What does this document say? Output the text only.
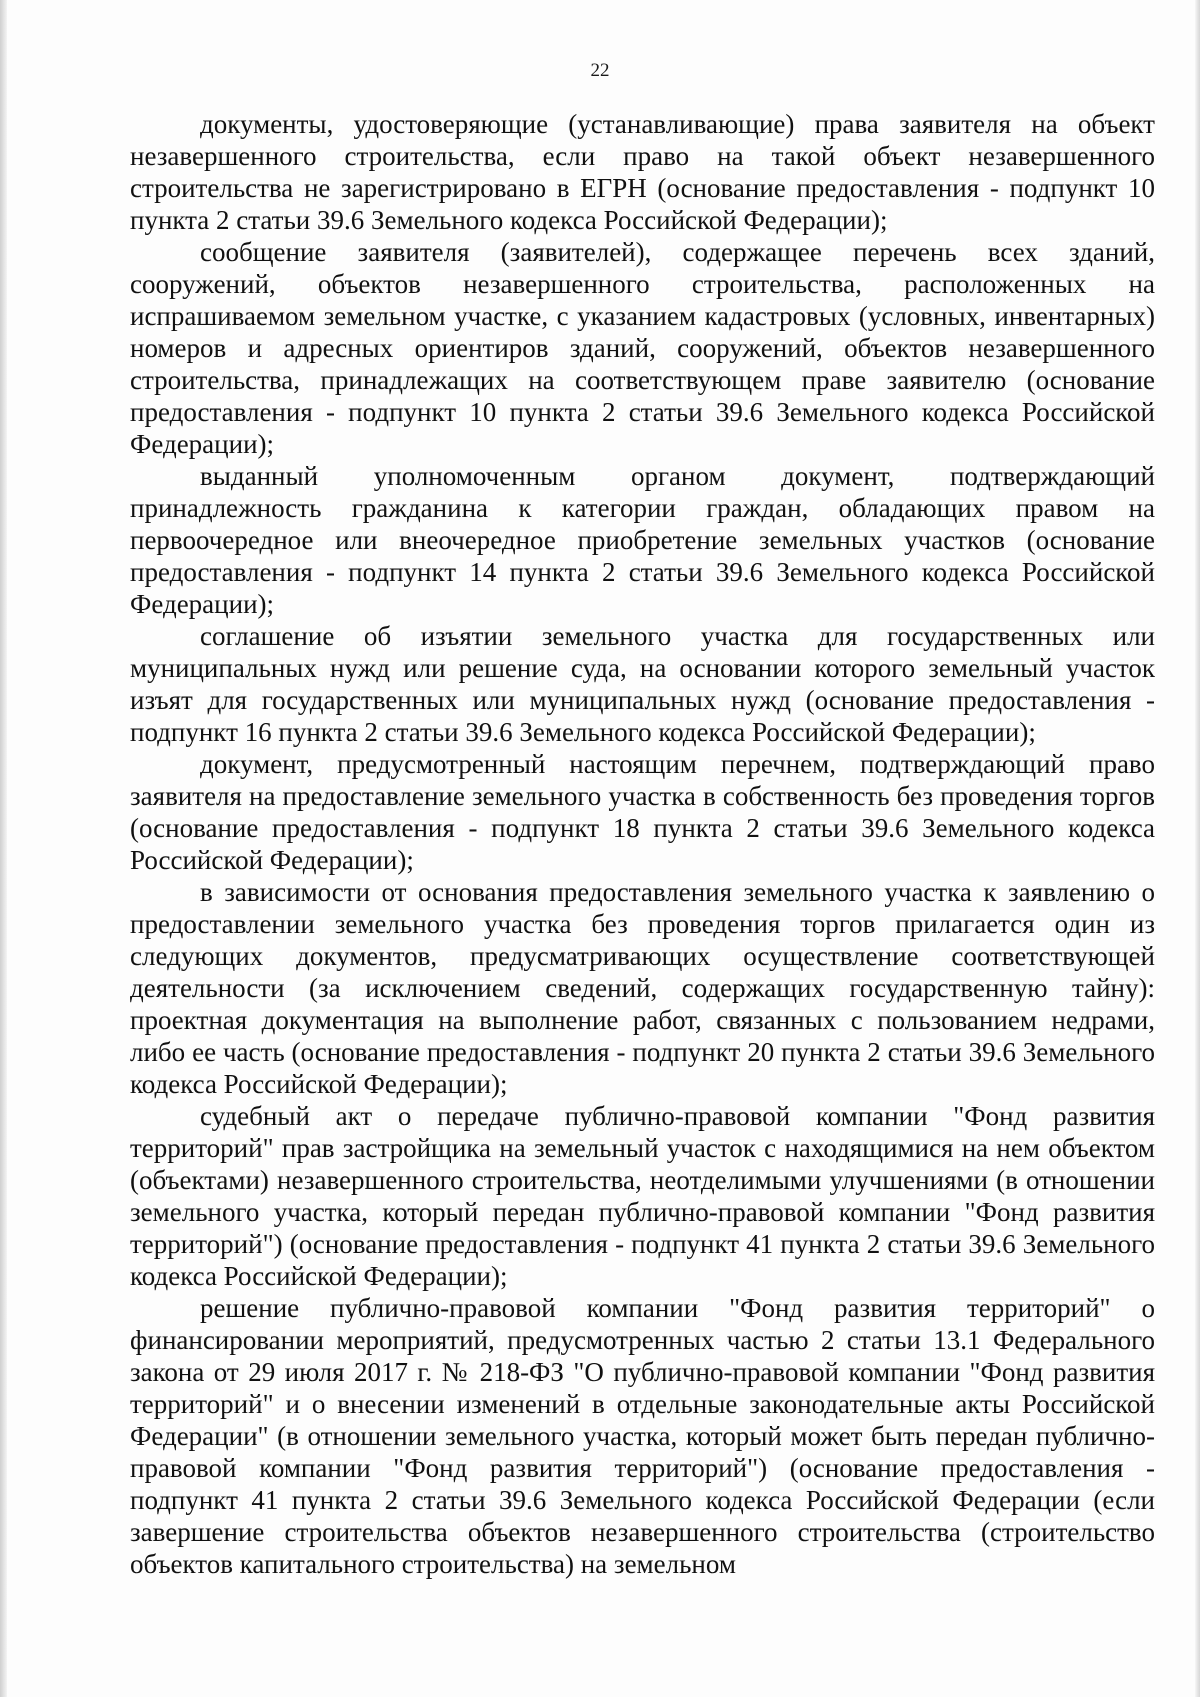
22

документы, удостоверяющие (устанавливающие) права заявителя на объект незавершенного строительства, если право на такой объект незавершенного строительства не зарегистрировано в ЕГРН (основание предоставления - подпункт 10 пункта 2 статьи 39.6 Земельного кодекса Российской Федерации);

сообщение заявителя (заявителей), содержащее перечень всех зданий, сооружений, объектов незавершенного строительства, расположенных на испрашиваемом земельном участке, с указанием кадастровых (условных, инвентарных) номеров и адресных ориентиров зданий, сооружений, объектов незавершенного строительства, принадлежащих на соответствующем праве заявителю (основание предоставления - подпункт 10 пункта 2 статьи 39.6 Земельного кодекса Российской Федерации);

выданный уполномоченным органом документ, подтверждающий принадлежность гражданина к категории граждан, обладающих правом на первоочередное или внеочередное приобретение земельных участков (основание предоставления - подпункт 14 пункта 2 статьи 39.6 Земельного кодекса Российской Федерации);

соглашение об изъятии земельного участка для государственных или муниципальных нужд или решение суда, на основании которого земельный участок изъят для государственных или муниципальных нужд (основание предоставления - подпункт 16 пункта 2 статьи 39.6 Земельного кодекса Российской Федерации);

документ, предусмотренный настоящим перечнем, подтверждающий право заявителя на предоставление земельного участка в собственность без проведения торгов (основание предоставления - подпункт 18 пункта 2 статьи 39.6 Земельного кодекса Российской Федерации);

в зависимости от основания предоставления земельного участка к заявлению о предоставлении земельного участка без проведения торгов прилагается один из следующих документов, предусматривающих осуществление соответствующей деятельности (за исключением сведений, содержащих государственную тайну): проектная документация на выполнение работ, связанных с пользованием недрами, либо ее часть (основание предоставления - подпункт 20 пункта 2 статьи 39.6 Земельного кодекса Российской Федерации);

судебный акт о передаче публично-правовой компании "Фонд развития территорий" прав застройщика на земельный участок с находящимися на нем объектом (объектами) незавершенного строительства, неотделимыми улучшениями (в отношении земельного участка, который передан публично-правовой компании "Фонд развития территорий") (основание предоставления - подпункт 41 пункта 2 статьи 39.6 Земельного кодекса Российской Федерации);

решение публично-правовой компании "Фонд развития территорий" о финансировании мероприятий, предусмотренных частью 2 статьи 13.1 Федерального закона от 29 июля 2017 г. № 218-ФЗ "О публично-правовой компании "Фонд развития территорий" и о внесении изменений в отдельные законодательные акты Российской Федерации" (в отношении земельного участка, который может быть передан публично-правовой компании "Фонд развития территорий") (основание предоставления - подпункт 41 пункта 2 статьи 39.6 Земельного кодекса Российской Федерации (если завершение строительства объектов незавершенного строительства (строительство объектов капитального строительства) на земельном
